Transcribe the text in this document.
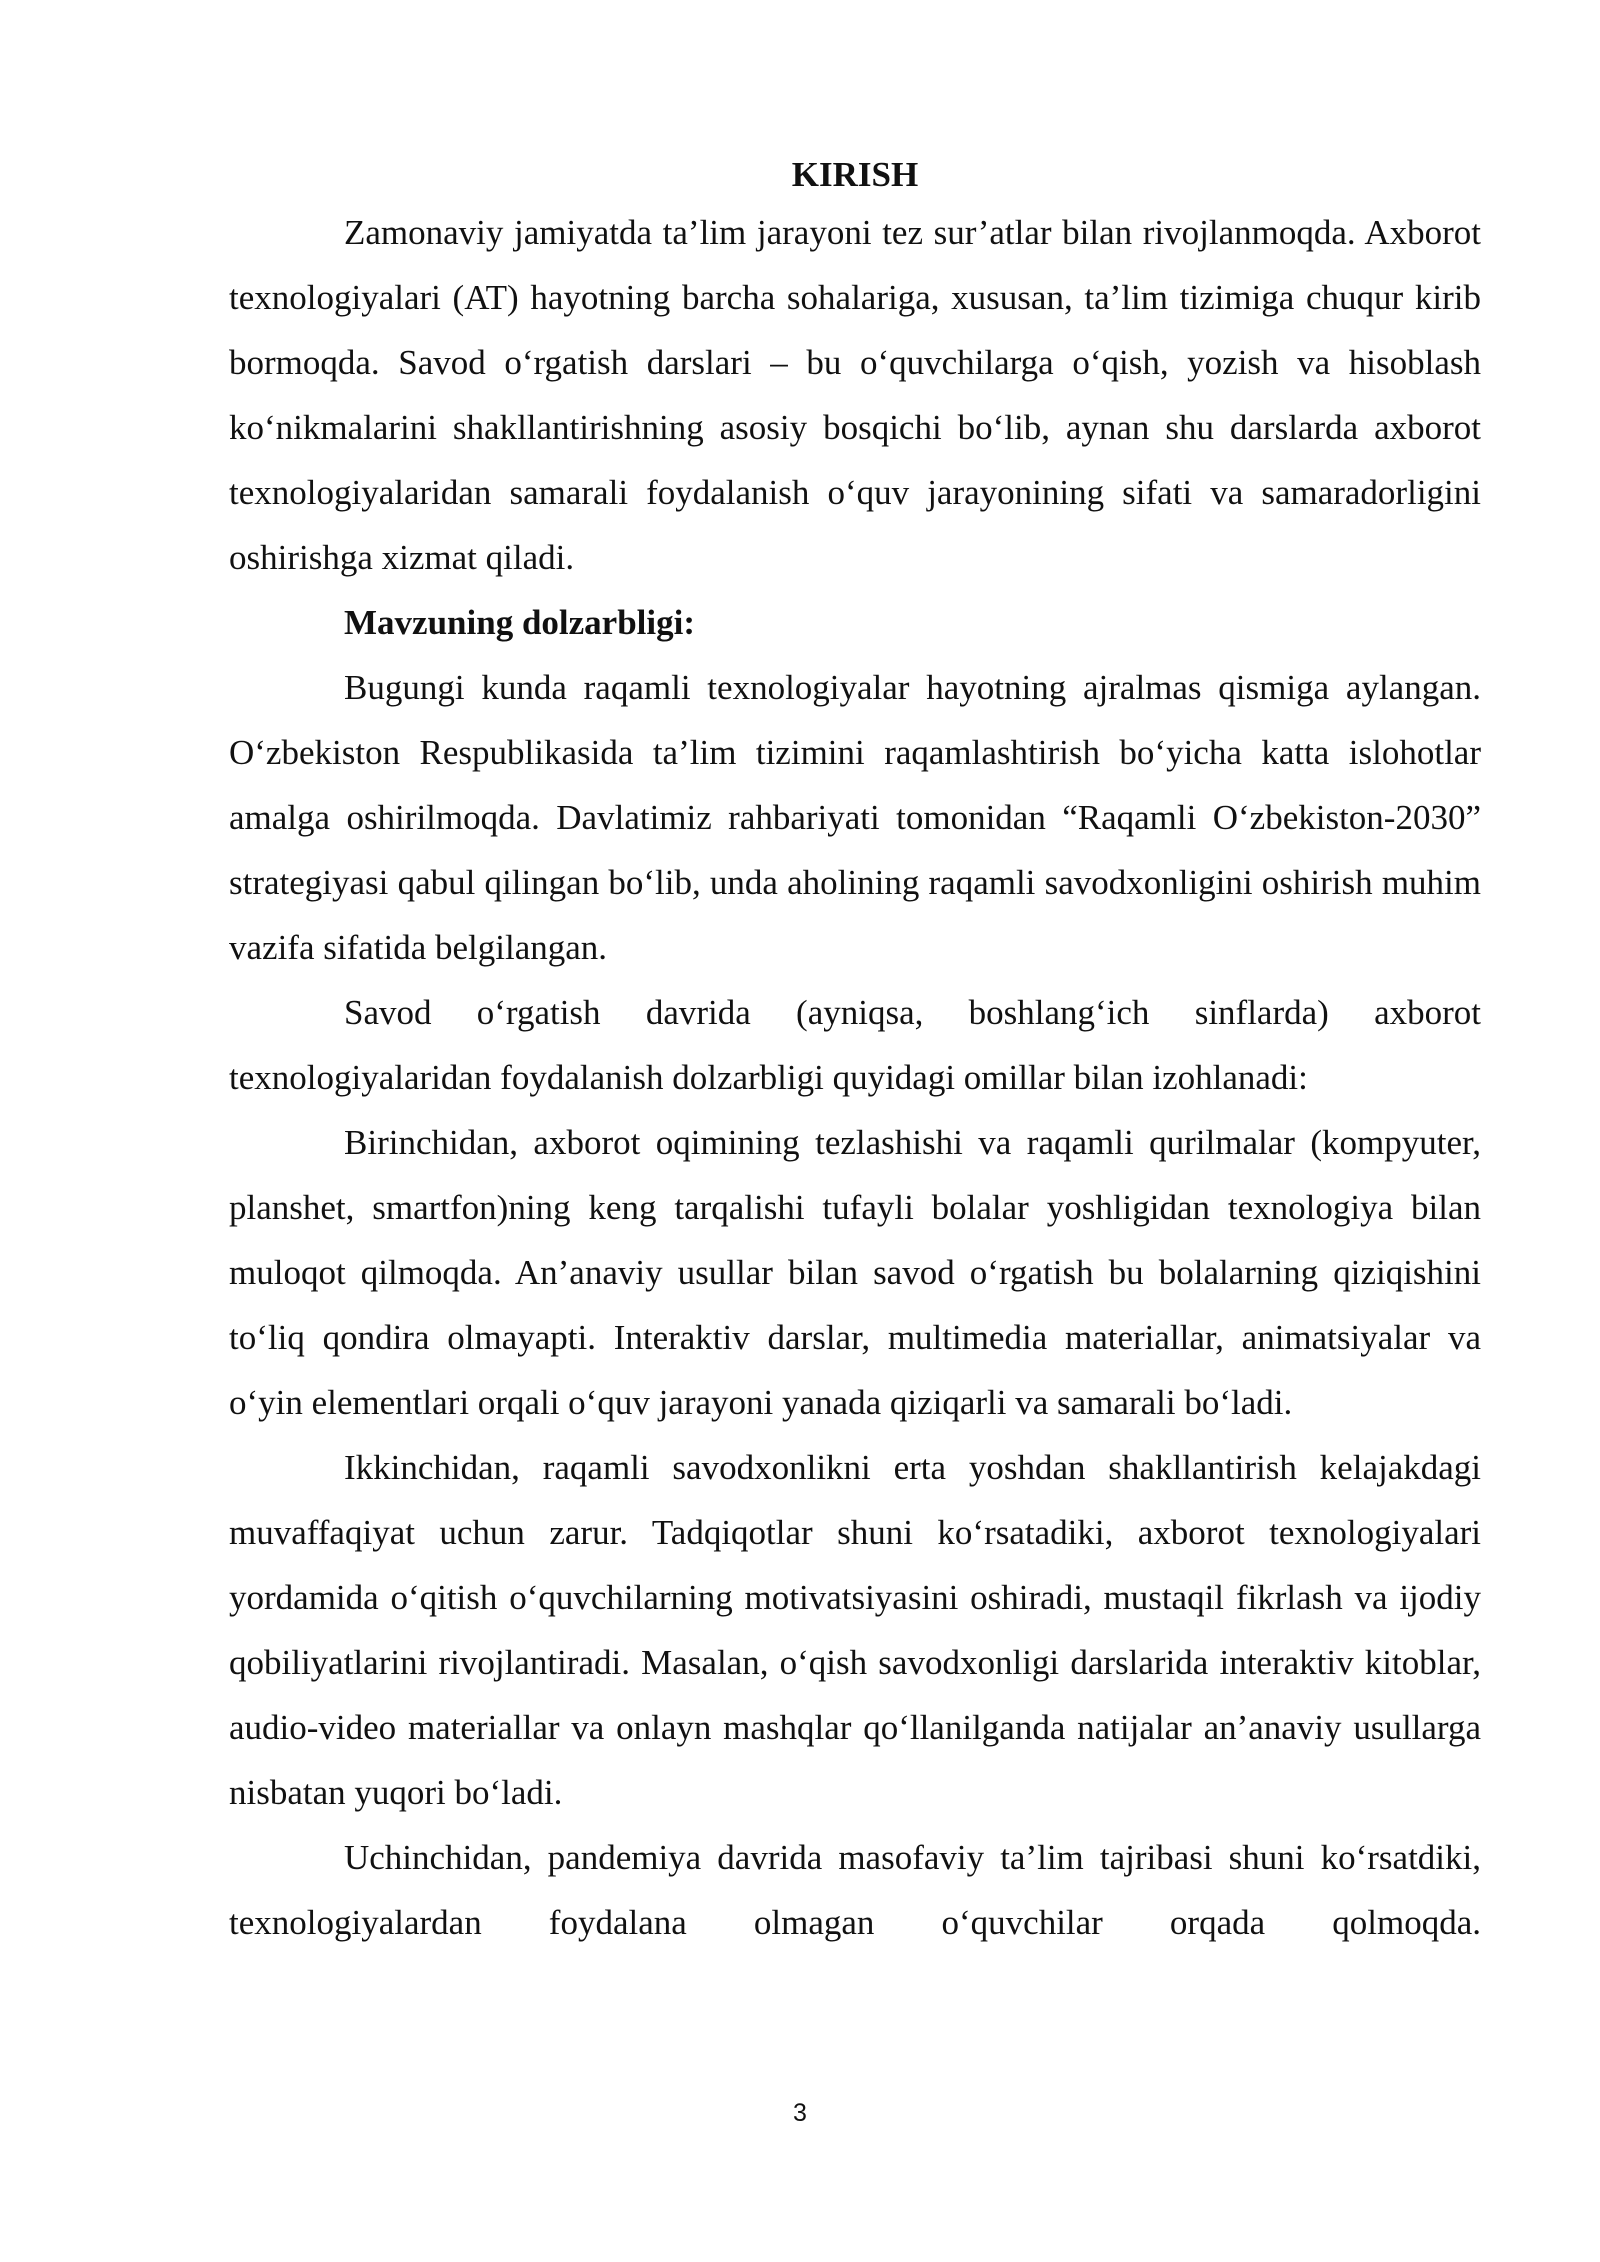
KIRISH

Zamonaviy jamiyatda ta’lim jarayoni tez sur’atlar bilan rivojlanmoqda. Axborot texnologiyalari (AT) hayotning barcha sohalariga, xususan, ta’lim tizimiga chuqur kirib bormoqda. Savod o‘rgatish darslari – bu o‘quvchilarga o‘qish, yozish va hisoblash ko‘nikmalarini shakllantirishning asosiy bosqichi bo‘lib, aynan shu darslarda axborot texnologiyalaridan samarali foydalanish o‘quv jarayonining sifati va samaradorligini oshirishga xizmat qiladi.

Mavzuning dolzarbligi:

Bugungi kunda raqamli texnologiyalar hayotning ajralmas qismiga aylangan. O‘zbekiston Respublikasida ta’lim tizimini raqamlashtirish bo‘yicha katta islohotlar amalga oshirilmoqda. Davlatimiz rahbariyati tomonidan “Raqamli O‘zbekiston-2030” strategiyasi qabul qilingan bo‘lib, unda aholining raqamli savodxonligini oshirish muhim vazifa sifatida belgilangan.

Savod o‘rgatish davrida (ayniqsa, boshlang‘ich sinflarda) axborot texnologiyalaridan foydalanish dolzarbligi quyidagi omillar bilan izohlanadi:

Birinchidan, axborot oqimining tezlashishi va raqamli qurilmalar (kompyuter, planshet, smartfon)ning keng tarqalishi tufayli bolalar yoshligidan texnologiya bilan muloqot qilmoqda. An’anaviy usullar bilan savod o‘rgatish bu bolalarning qiziqishini to‘liq qondira olmayapti. Interaktiv darslar, multimedia materiallar, animatsiyalar va o‘yin elementlari orqali o‘quv jarayoni yanada qiziqarli va samarali bo‘ladi.

Ikkinchidan, raqamli savodxonlikni erta yoshdan shakllantirish kelajakdagi muvaffaqiyat uchun zarur. Tadqiqotlar shuni ko‘rsatadiki, axborot texnologiyalari yordamida o‘qitish o‘quvchilarning motivatsiyasini oshiradi, mustaqil fikrlash va ijodiy qobiliyatlarini rivojlantiradi. Masalan, o‘qish savodxonligi darslarida interaktiv kitoblar, audio-video materiallar va onlayn mashqlar qo‘llanilganda natijalar an’anaviy usullarga nisbatan yuqori bo‘ladi.

Uchinchidan, pandemiya davrida masofaviy ta’lim tajribasi shuni ko‘rsatdiki, texnologiyalardan foydalana olmagan o‘quvchilar orqada qolmoqda.

3
